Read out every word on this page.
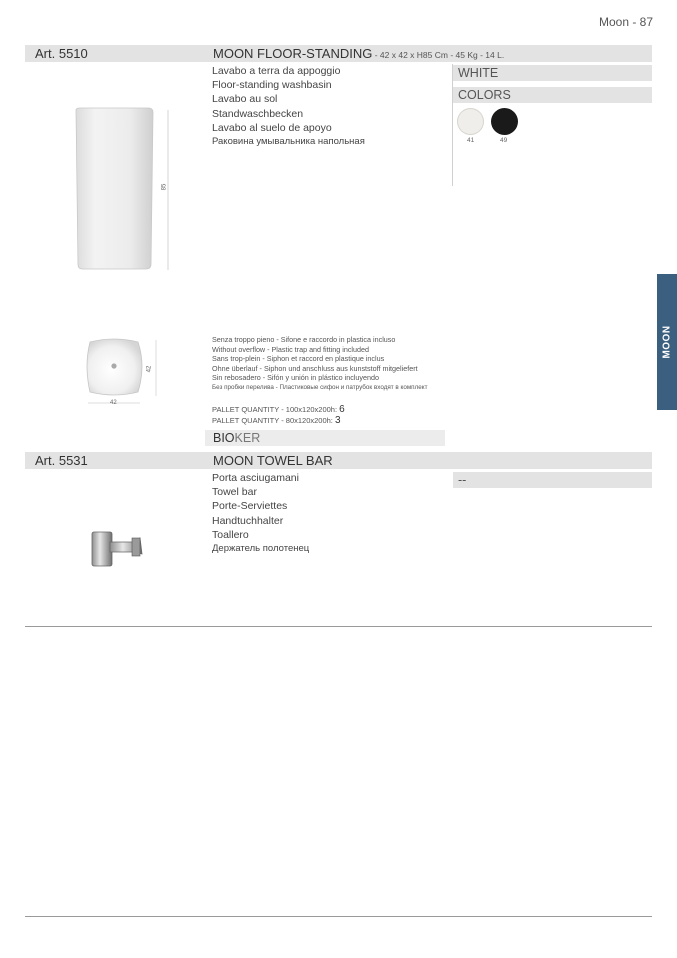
Moon - 87
MOON
Art. 5510	MOON FLOOR-STANDING - 42 x 42 x H85 Cm - 45 Kg - 14 L.
Lavabo a terra da appoggio
Floor-standing washbasin
Lavabo au sol
Standwaschbecken
Lavabo al suelo de apoyo
Раковина умывальника напольная
WHITE
COLORS
41	49
85
42
42
Senza troppo pieno - Sifone e raccordo in plastica incluso
Without overflow - Plastic trap and fitting included
Sans trop-plein - Siphon et raccord en plastique inclus
Ohne überlauf - Siphon und anschluss aus kunststoff mitgeliefert
Sin rebosadero - Sifón y unión in plástico incluyendo
Без пробки перелива - Пластиковые сифон и патрубок входят в комплект
PALLET QUANTITY - 100x120x200h: 6
PALLET QUANTITY - 80x120x200h: 3
BIOKER
Art. 5531	MOON TOWEL BAR
Porta asciugamani
Towel bar
Porte-Serviettes
Handtuchhalter
Toallero
Держатель полотенец
--
